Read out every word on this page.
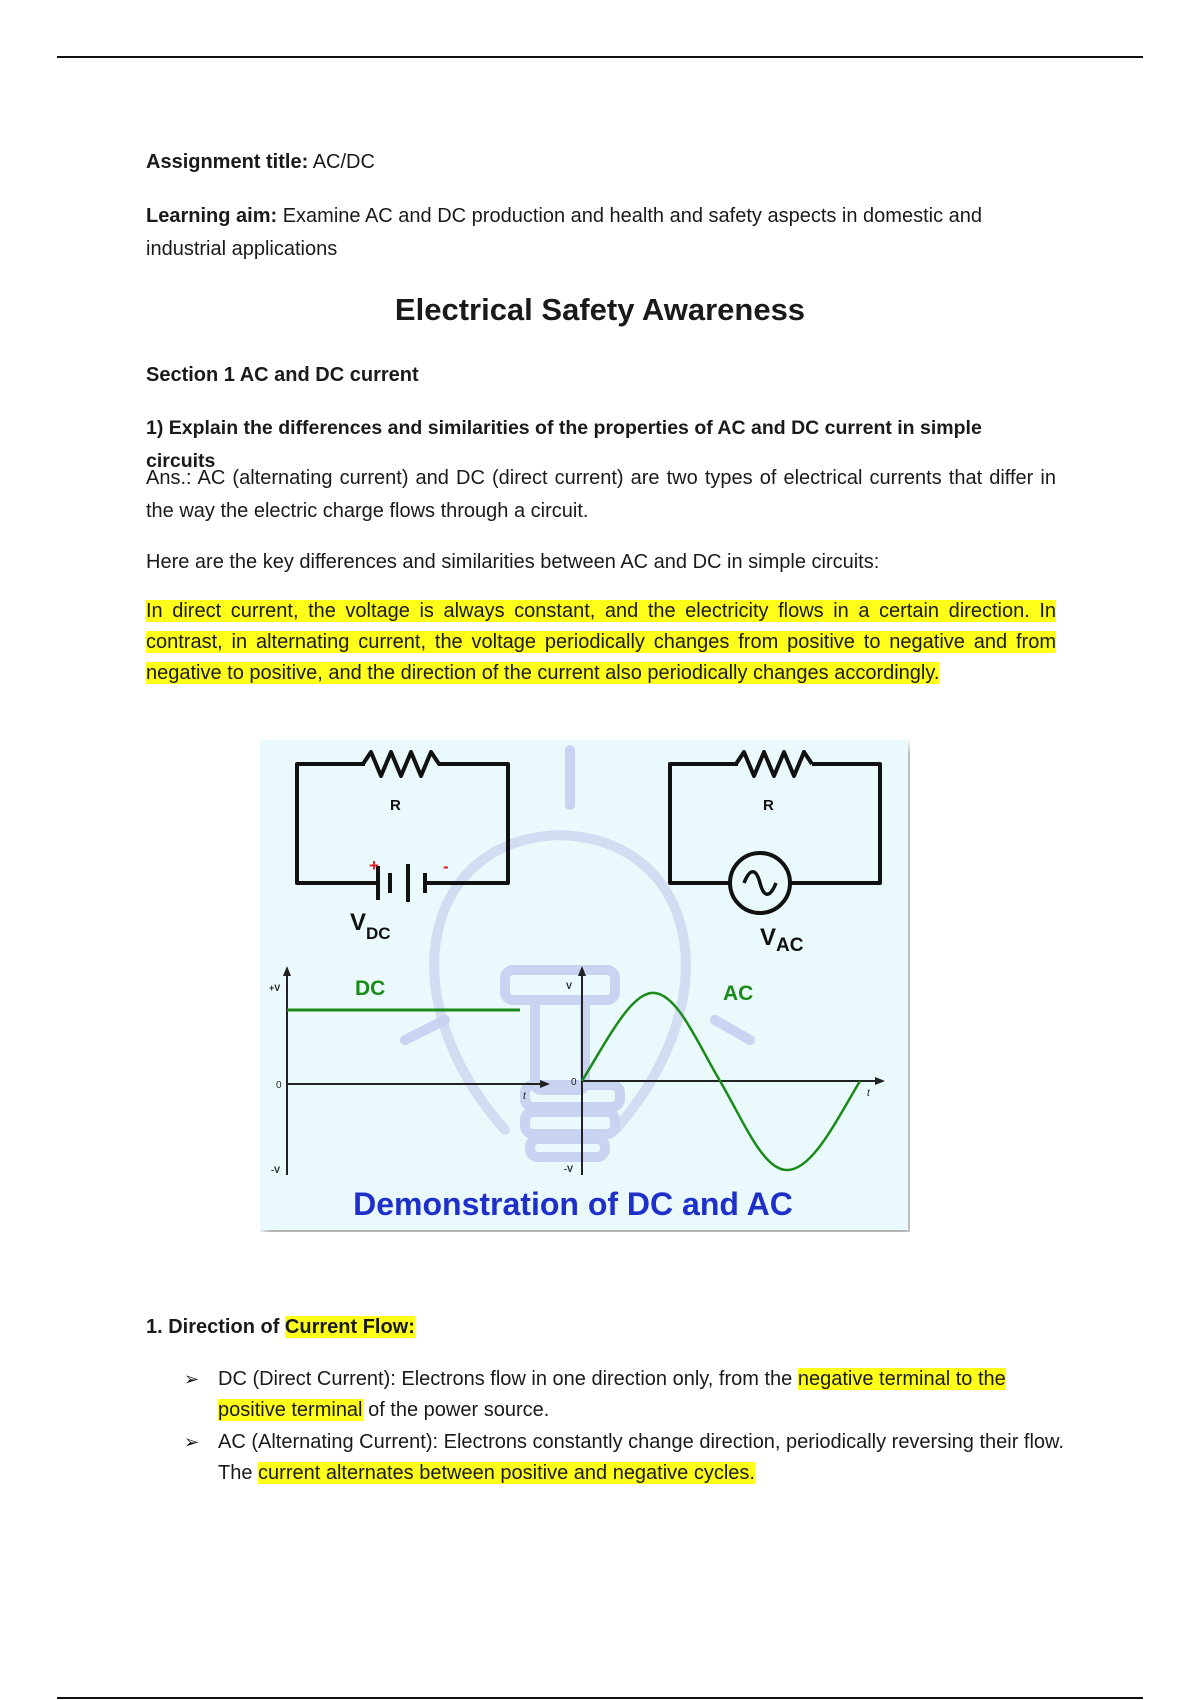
Assignment title: AC/DC

Learning aim: Examine AC and DC production and health and safety aspects in domestic and industrial applications

Electrical Safety Awareness

Section 1 AC and DC current

1) Explain the differences and similarities of the properties of AC and DC current in simple circuits

Ans.: AC (alternating current) and DC (direct current) are two types of electrical currents that differ in the way the electric charge flows through a circuit.

Here are the key differences and similarities between AC and DC in simple circuits:

In direct current, the voltage is always constant, and the electricity flows in a certain direction. In contrast, in alternating current, the voltage periodically changes from positive to negative and from negative to positive, and the direction of the current also periodically changes accordingly.

R
+	-
$V_{DC}$
R
$V_{AC}$
+V
0
-V
t
DC	V
0
-V
t
AC
Demonstration of DC and AC

1. Direction of Current Flow:

➢ DC (Direct Current): Electrons flow in one direction only, from the negative terminal to the positive terminal of the power source.
➢ AC (Alternating Current): Electrons constantly change direction, periodically reversing their flow. The current alternates between positive and negative cycles.
